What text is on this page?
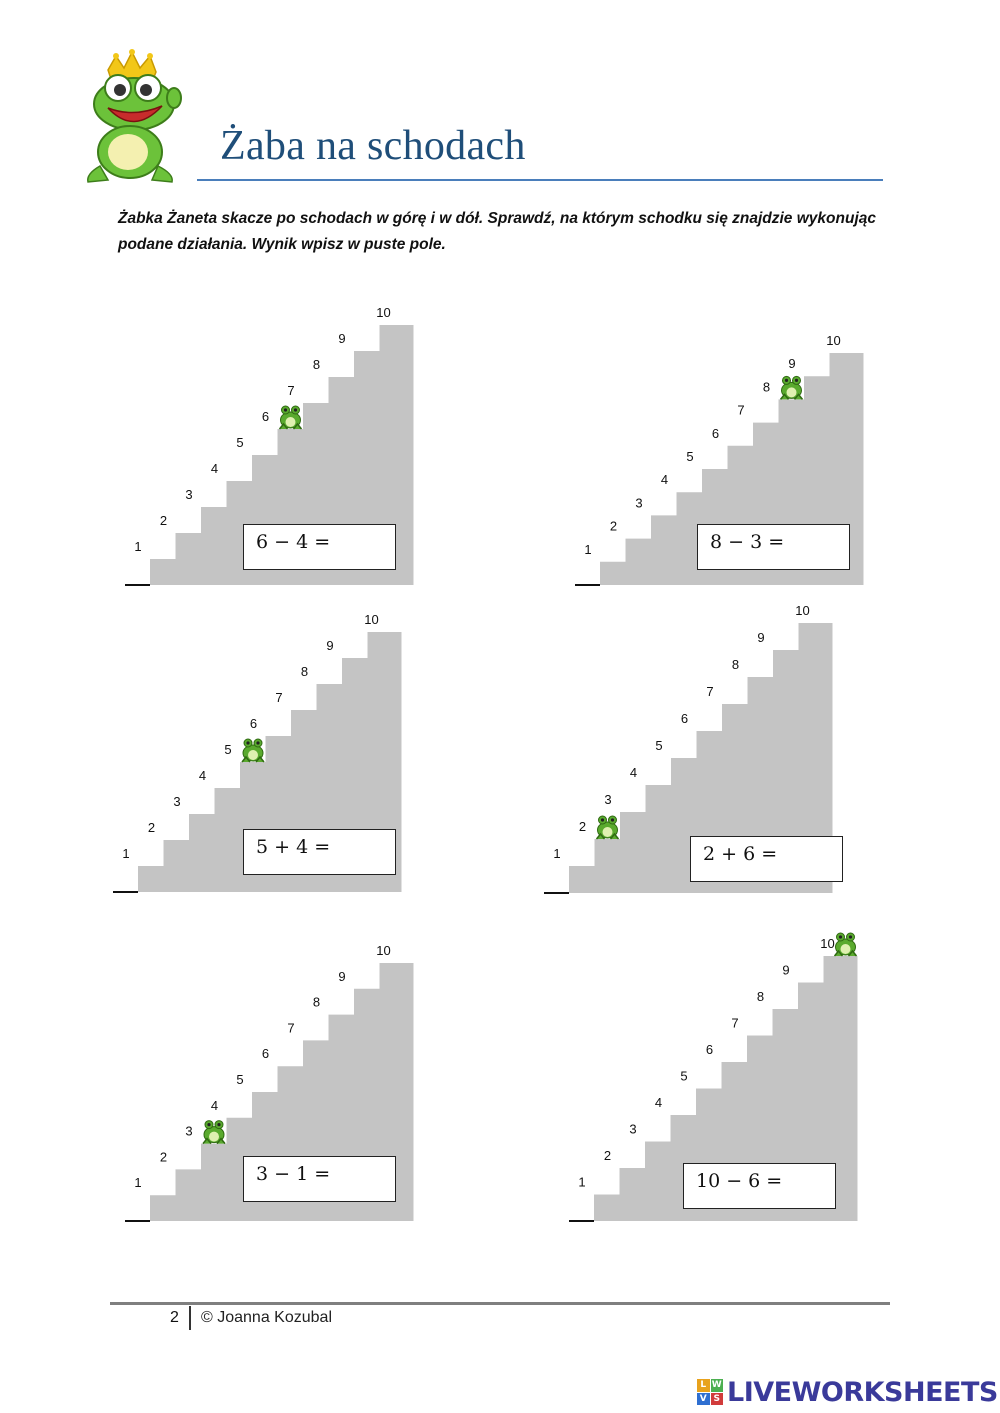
Żaba na schodach
Żabka Żaneta skacze po schodach w górę i w dół. Sprawdź, na którym schodku się znajdzie wykonując podane działania. Wynik wpisz w puste pole.
1
2
3
4
5
6
7
8
9
10
1
2
3
4
5
6
7
8
9
10
1
2
3
4
5
6
7
8
9
10
1
2
3
4
5
6
7
8
9
10
1
2
3
4
5
6
7
8
9
10
1
2
3
4
5
6
7
8
9
10
6 − 4 =	8 − 3 =
5 + 4 =	2 + 6 =
3 − 1 =	10 − 6 =
2 © Joanna Kozubal
L W
V S LIVEWORKSHEETS
